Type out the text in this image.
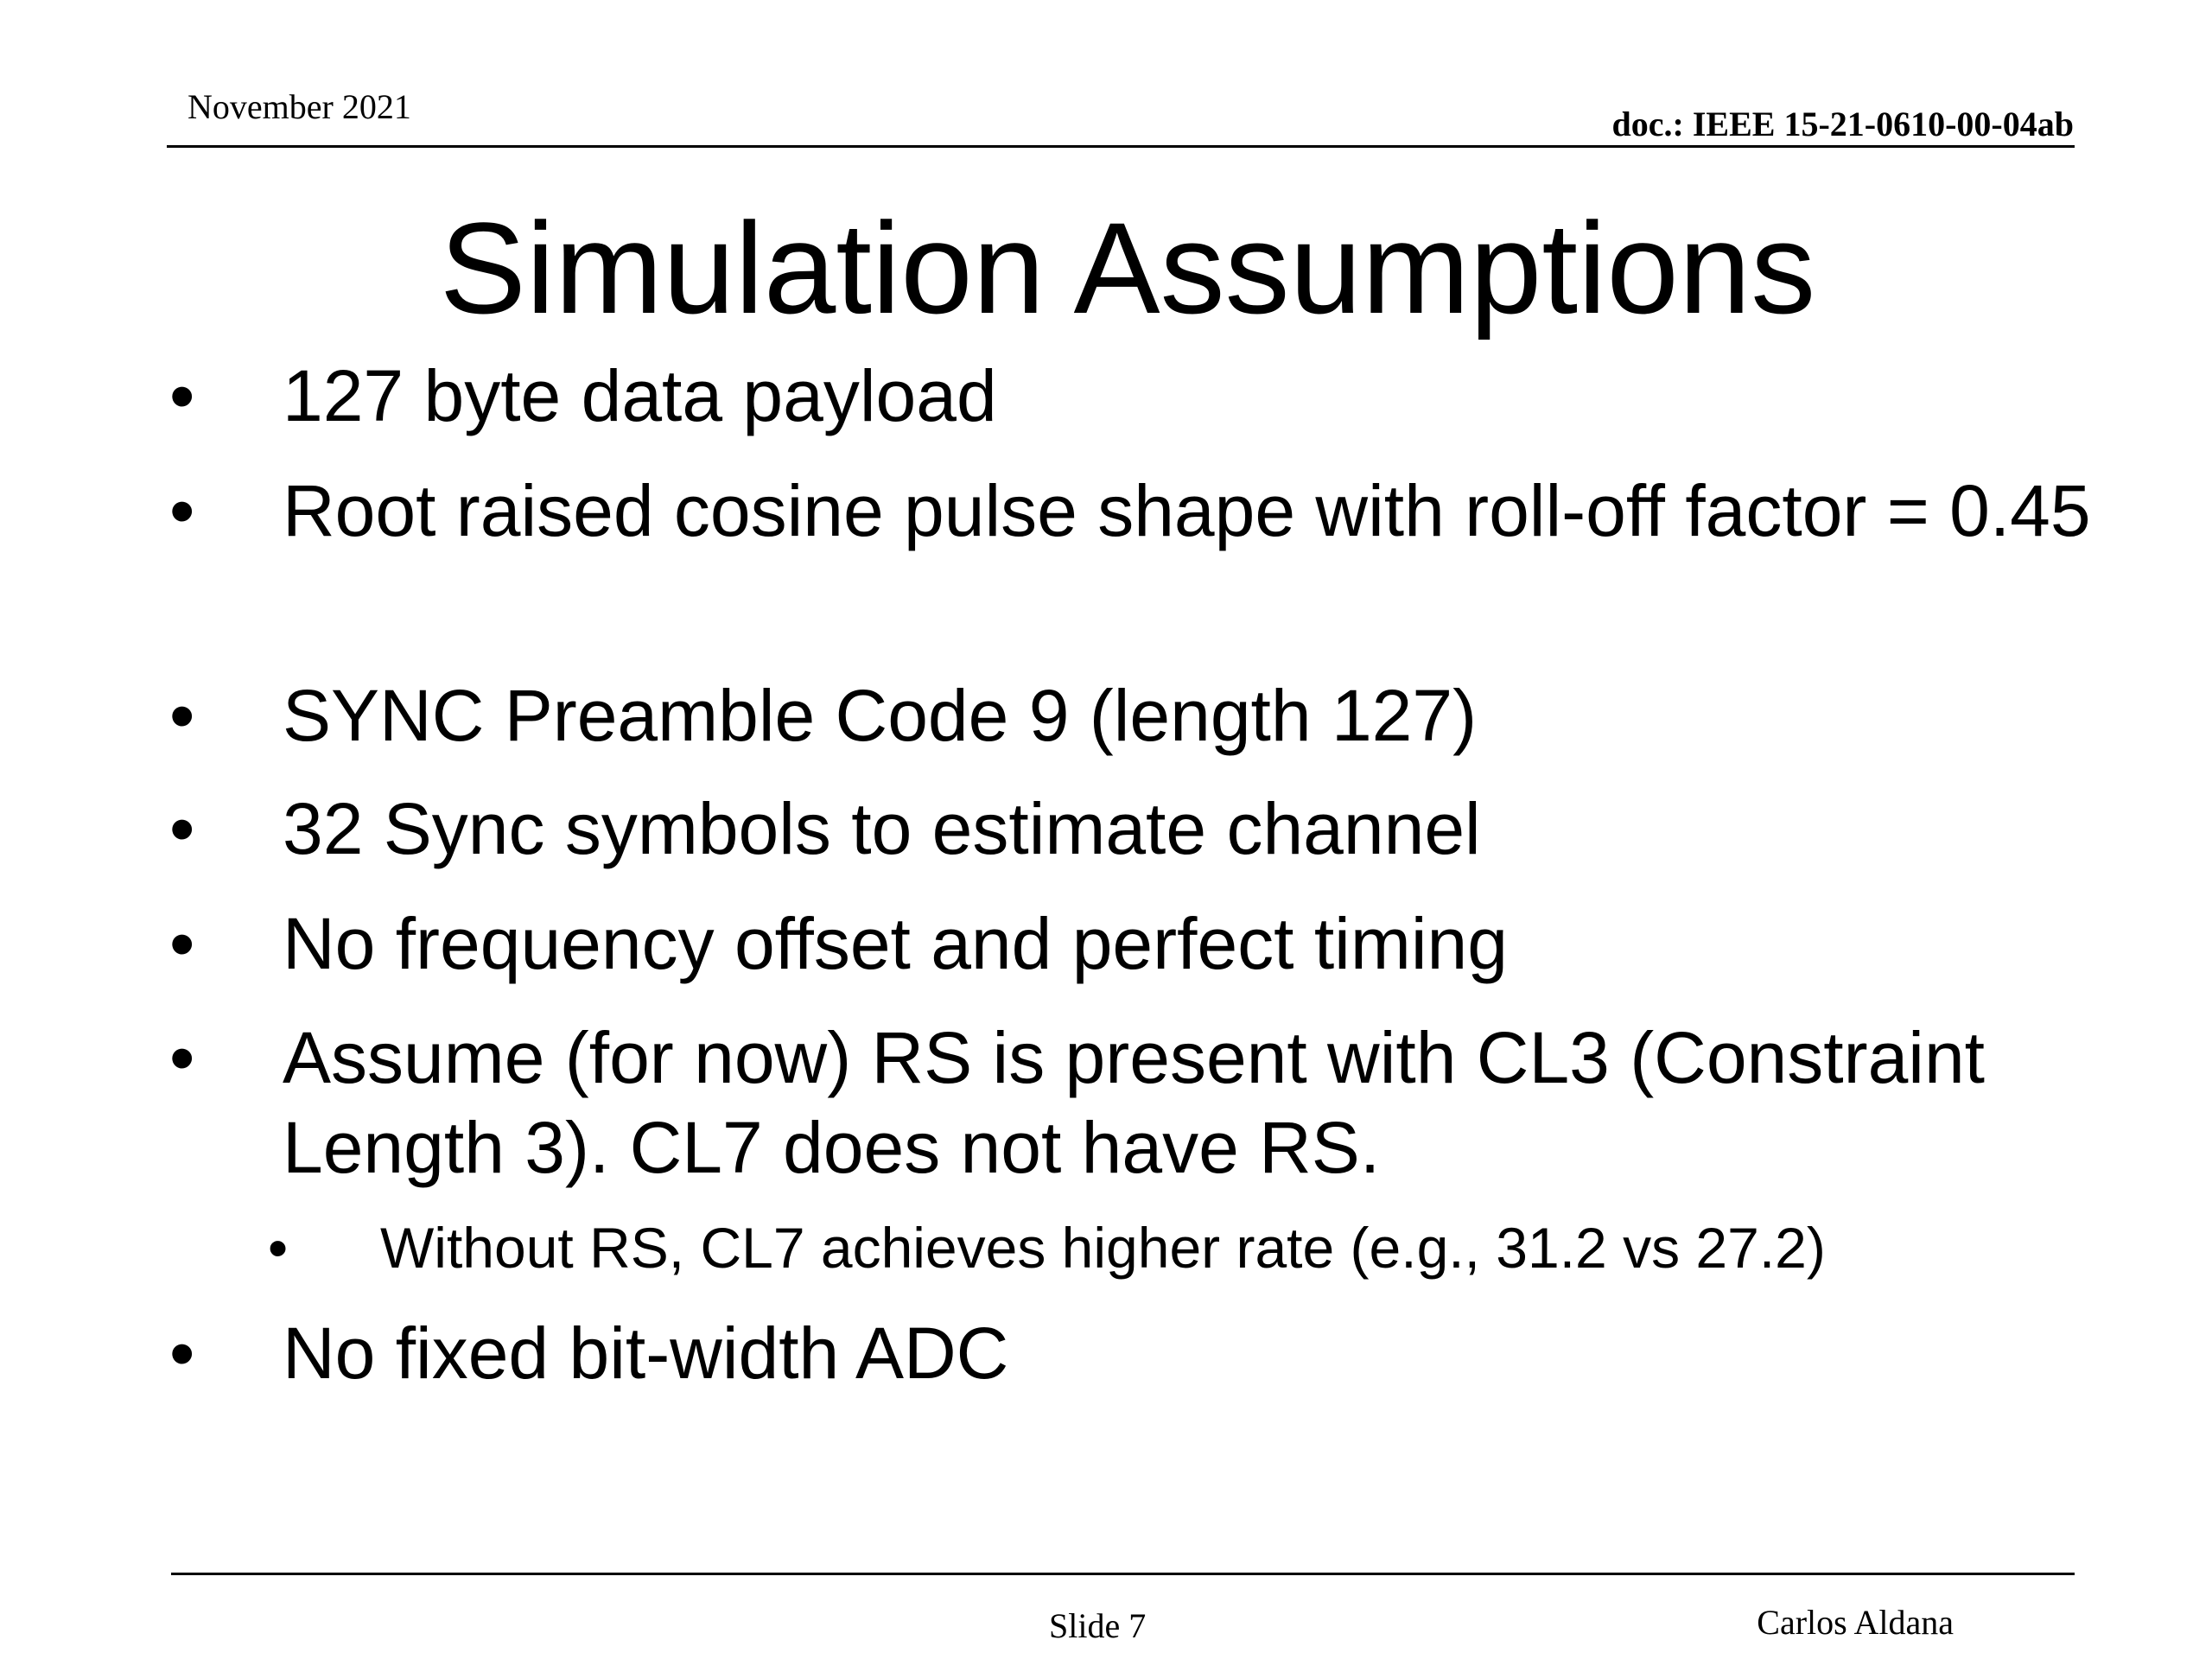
November 2021	doc.: IEEE 15-21-0610-00-04ab
Simulation Assumptions
• 127 byte data payload
• Root raised cosine pulse shape with roll-off factor = 0.45
• SYNC Preamble Code 9 (length 127)
• 32 Sync symbols to estimate channel
• No frequency offset and perfect timing
• Assume (for now) RS is present with CL3 (Constraint Length 3). CL7 does not have RS.
• Without RS, CL7 achieves higher rate (e.g., 31.2 vs 27.2)
• No fixed bit-width ADC
Slide 7	Carlos Aldana
